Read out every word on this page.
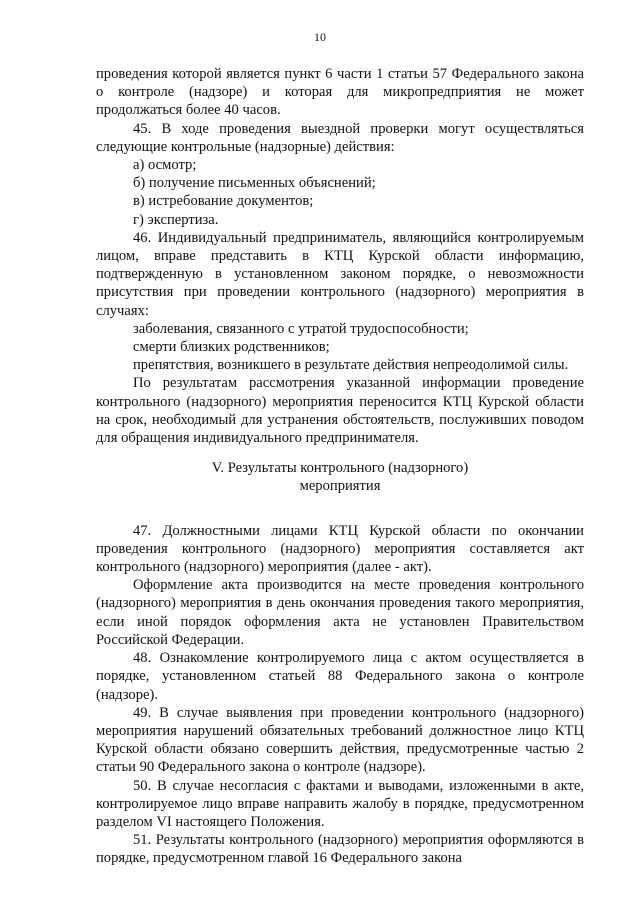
10

проведения которой является пункт 6 части 1 статьи 57 Федерального закона о контроле (надзоре) и которая для микропредприятия не может продолжаться более 40 часов.

45. В ходе проведения выездной проверки могут осуществляться следующие контрольные (надзорные) действия:

а) осмотр;

б) получение письменных объяснений;

в) истребование документов;

г) экспертиза.

46. Индивидуальный предприниматель, являющийся контролируемым лицом, вправе представить в КТЦ Курской области информацию, подтвержденную в установленном законом порядке, о невозможности присутствия при проведении контрольного (надзорного) мероприятия в случаях:

заболевания, связанного с утратой трудоспособности;

смерти близких родственников;

препятствия, возникшего в результате действия непреодолимой силы.

По результатам рассмотрения указанной информации проведение контрольного (надзорного) мероприятия переносится КТЦ Курской области на срок, необходимый для устранения обстоятельств, послуживших поводом для обращения индивидуального предпринимателя.

V. Результаты контрольного (надзорного)
мероприятия

47. Должностными лицами КТЦ Курской области по окончании проведения контрольного (надзорного) мероприятия составляется акт контрольного (надзорного) мероприятия (далее - акт).

Оформление акта производится на месте проведения контрольного (надзорного) мероприятия в день окончания проведения такого мероприятия, если иной порядок оформления акта не установлен Правительством Российской Федерации.

48. Ознакомление контролируемого лица с актом осуществляется в порядке, установленном статьей 88 Федерального закона о контроле (надзоре).

49. В случае выявления при проведении контрольного (надзорного) мероприятия нарушений обязательных требований должностное лицо КТЦ Курской области обязано совершить действия, предусмотренные частью 2 статьи 90 Федерального закона о контроле (надзоре).

50. В случае несогласия с фактами и выводами, изложенными в акте, контролируемое лицо вправе направить жалобу в порядке, предусмотренном разделом VI настоящего Положения.

51. Результаты контрольного (надзорного) мероприятия оформляются в порядке, предусмотренном главой 16 Федерального закона
